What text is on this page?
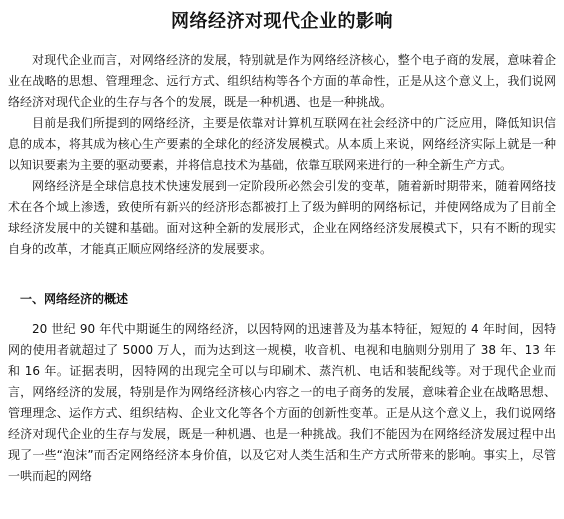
网络经济对现代企业的影响

对现代企业而言，对网络经济的发展，特别就是作为网络经济核心，整个电子商的发展，意味着企业在战略的思想、管理理念、远行方式、组织结构等各个方面的革命性，正是从这个意义上，我们说网络经济对现代企业的生存与各个的发展，既是一种机遇、也是一种挑战。

目前是我们所提到的网络经济，主要是依靠对计算机互联网在社会经济中的广泛应用，降低知识信息的成本，将其成为核心生产要素的全球化的经济发展模式。从本质上来说，网络经济实际上就是一种以知识要素为主要的驱动要素，并将信息技术为基础，依靠互联网来进行的一种全新生产方式。

网络经济是全球信息技术快速发展到一定阶段所必然会引发的变革，随着新时期带来，随着网络技术在各个域上渗透，致使所有新兴的经济形态都被打上了级为鲜明的网络标记，并使网络成为了目前全球经济发展中的关键和基础。面对这种全新的发展形式，企业在网络经济发展模式下，只有不断的现实自身的改革，才能真正顺应网络经济的发展要求。

一、网络经济的概述

20 世纪 90 年代中期诞生的网络经济，以因特网的迅速普及为基本特征，短短的 4 年时间，因特网的使用者就超过了 5000 万人，而为达到这一规模，收音机、电视和电脑则分别用了 38 年、13 年和 16 年。证据表明，因特网的出现完全可以与印刷术、蒸汽机、电话和装配线等。对于现代企业而言，网络经济的发展，特别是作为网络经济核心内容之一的电子商务的发展，意味着企业在战略思想、管理理念、运作方式、组织结构、企业文化等各个方面的创新性变革。正是从这个意义上，我们说网络经济对现代企业的生存与发展，既是一种机遇、也是一种挑战。我们不能因为在网络经济发展过程中出现了一些“泡沫”而否定网络经济本身价值，以及它对人类生活和生产方式所带来的影响。事实上，尽管一哄而起的网络
